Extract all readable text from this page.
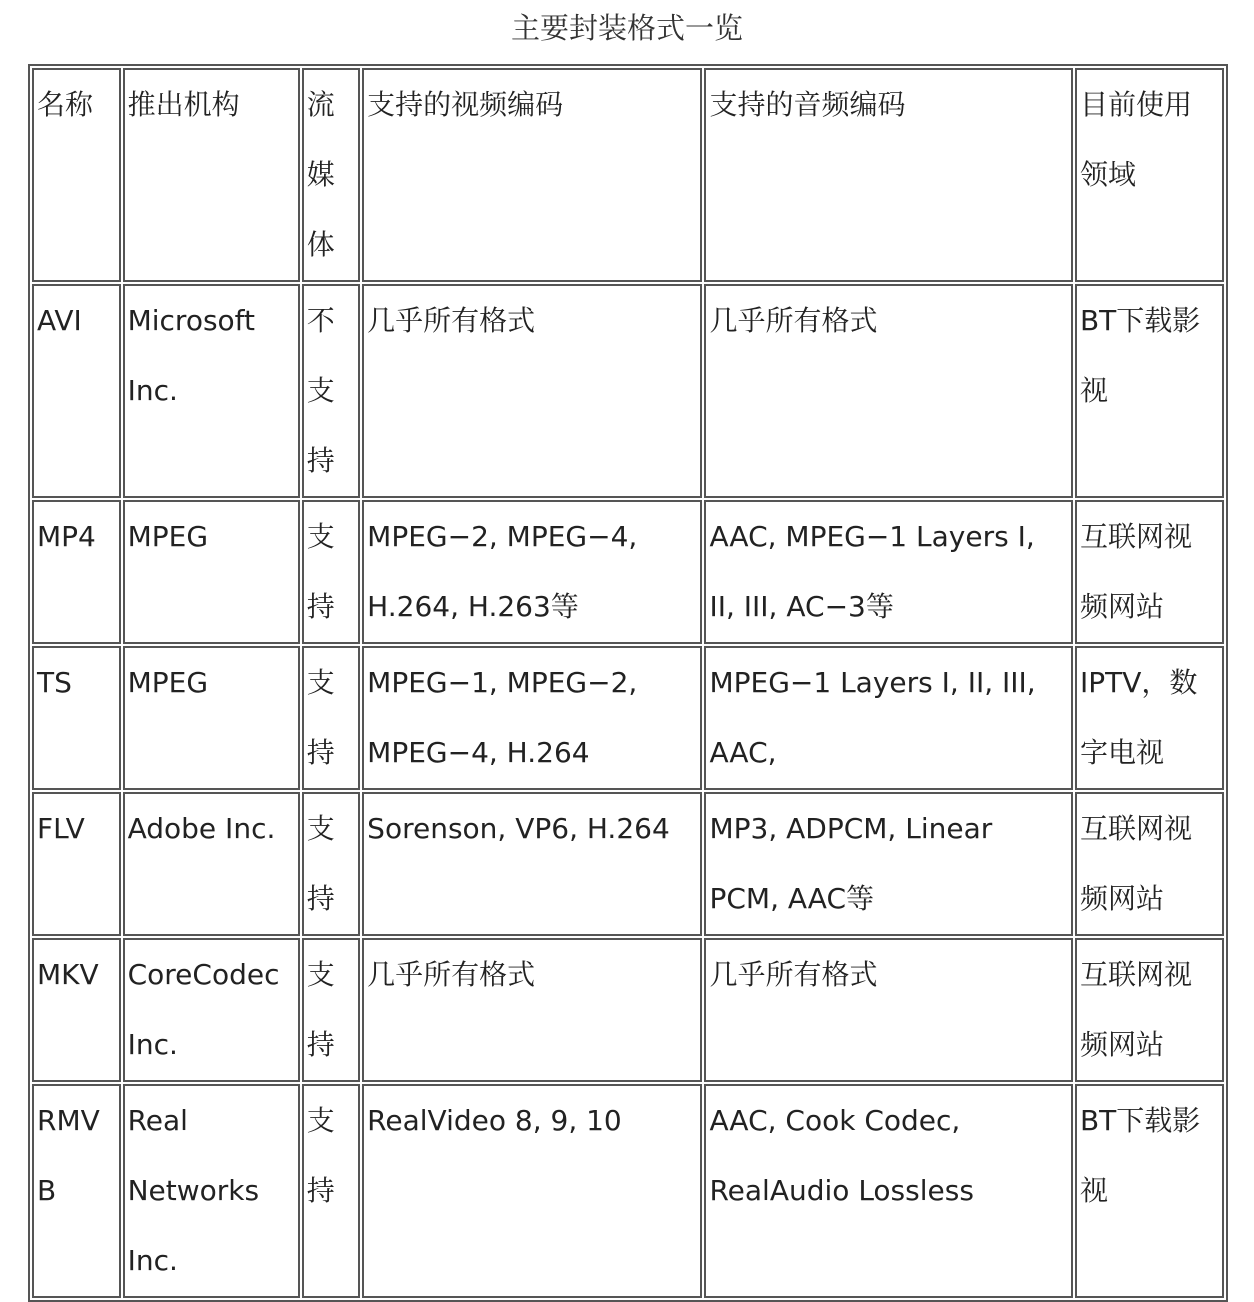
主要封装格式一览
名称	推出机构	流媒体	支持的视频编码	支持的音频编码	目前使用领域
AVI	Microsoft Inc.	不支持	几乎所有格式	几乎所有格式	BT下载影视
MP4	MPEG	支持	MPEG−2, MPEG−4, H.264, H.263等	AAC, MPEG−1 Layers I, II, III, AC−3等	互联网视频网站
TS	MPEG	支持	MPEG−1, MPEG−2, MPEG−4, H.264	MPEG−1 Layers I, II, III, AAC,	IPTV，数字电视
FLV	Adobe Inc.	支持	Sorenson, VP6, H.264	MP3, ADPCM, Linear PCM, AAC等	互联网视频网站
MKV	CoreCodec Inc.	支持	几乎所有格式	几乎所有格式	互联网视频网站
RMVB	Real Networks Inc.	支持	RealVideo 8, 9, 10	AAC, Cook Codec, RealAudio Lossless	BT下载影视
